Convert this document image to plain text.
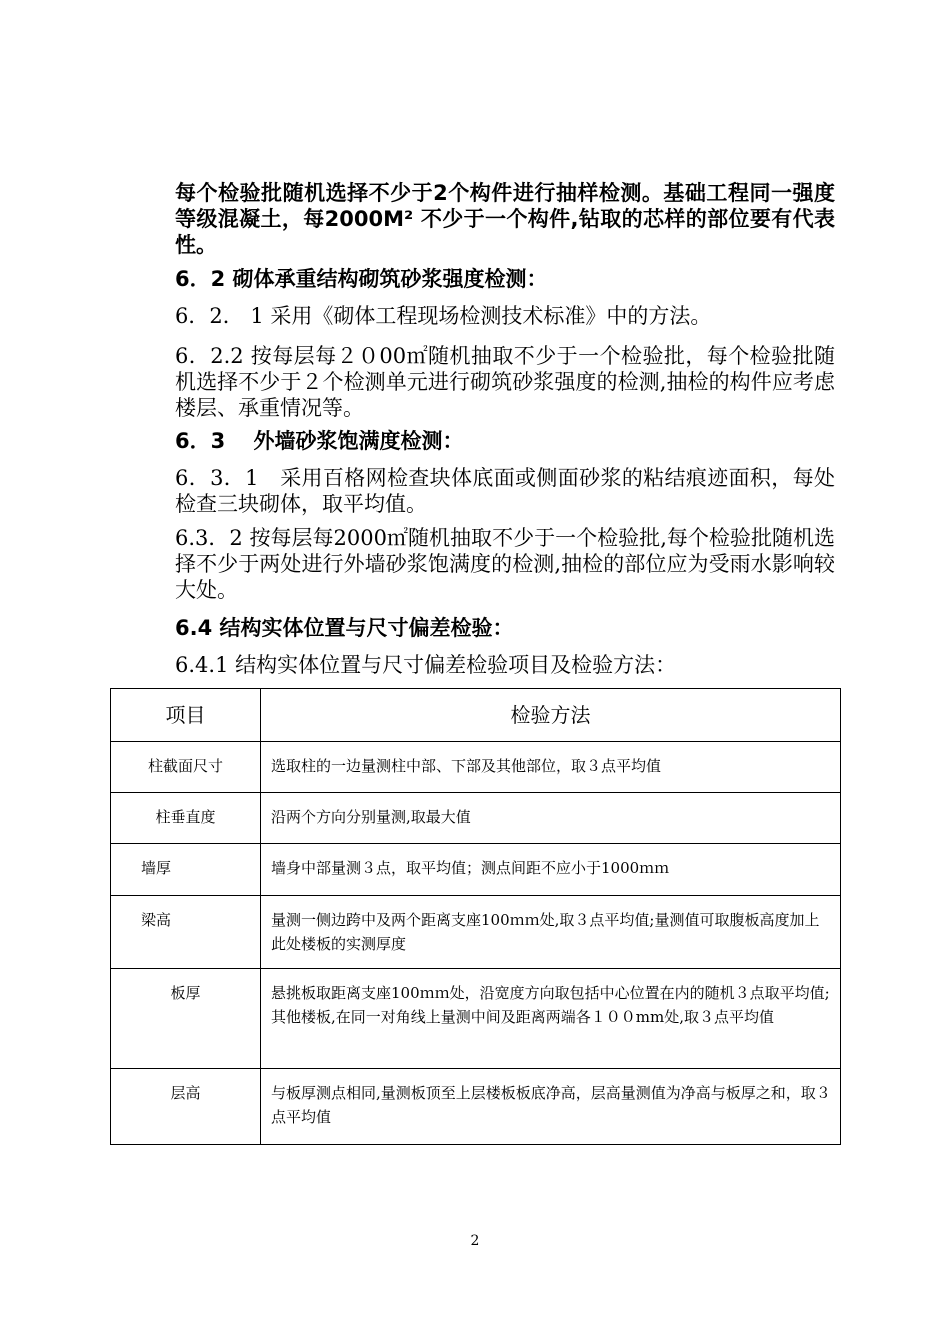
每个检验批随机选择不少于2个构件进行抽样检测。基础工程同一强度等级混凝土，每2000M² 不少于一个构件,钻取的芯样的部位要有代表性。

6．2 砌体承重结构砌筑砂浆强度检测：

6．2． 1 采用《砌体工程现场检测技术标准》中的方法。

6．2.2 按每层每２０00㎡随机抽取不少于一个检验批，每个检验批随机选择不少于２个检测单元进行砌筑砂浆强度的检测,抽检的构件应考虑楼层、承重情况等。

6．3　 外墙砂浆饱满度检测：

6．3．1　采用百格网检查块体底面或侧面砂浆的粘结痕迹面积，每处检查三块砌体，取平均值。

6.3．2 按每层每2000㎡随机抽取不少于一个检验批,每个检验批随机选择不少于两处进行外墙砂浆饱满度的检测,抽检的部位应为受雨水影响较大处。

6.4 结构实体位置与尺寸偏差检验：

6.4.1 结构实体位置与尺寸偏差检验项目及检验方法：

项目	检验方法
柱截面尺寸	选取柱的一边量测柱中部、下部及其他部位，取３点平均值
柱垂直度	沿两个方向分别量测,取最大值
墙厚	墙身中部量测３点，取平均值；测点间距不应小于1000ｍｍ
梁高	量测一侧边跨中及两个距离支座100ｍｍ处,取３点平均值;量测值可取腹板高度加上此处楼板的实测厚度
板厚	悬挑板取距离支座100ｍｍ处，沿宽度方向取包括中心位置在内的随机３点取平均值;其他楼板,在同一对角线上量测中间及距离两端各１００mm处,取３点平均值
层高	与板厚测点相同,量测板顶至上层楼板板底净高，层高量测值为净高与板厚之和，取３点平均值
2
